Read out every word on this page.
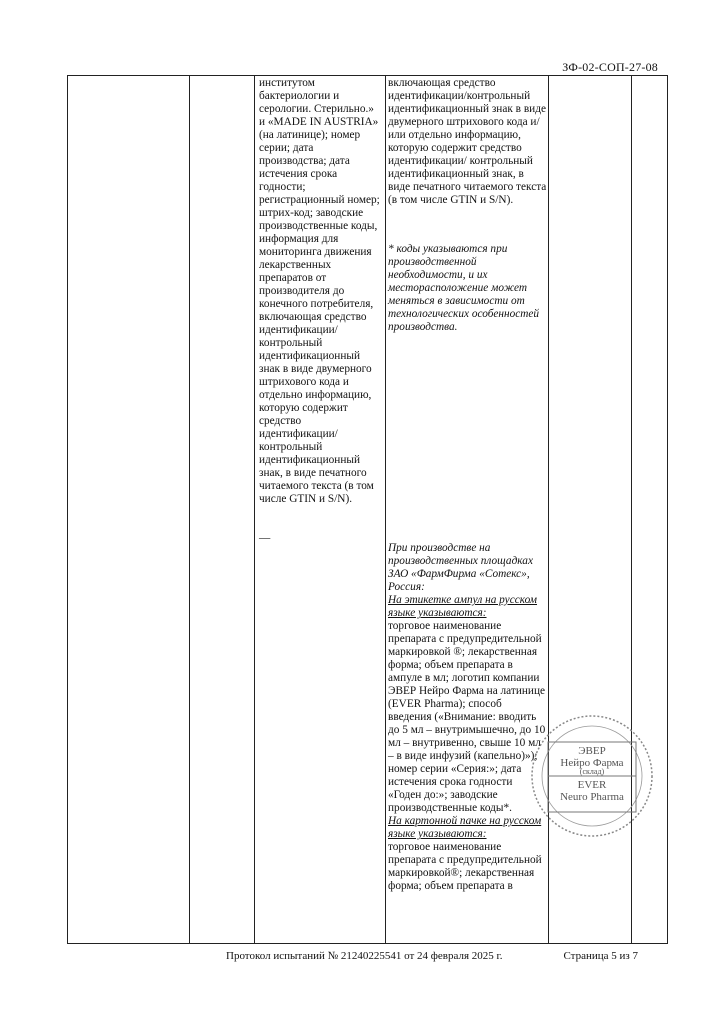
ЗФ-02-СОП-27-08
институтом бактериологии и серологии. Стерильно.» и «MADE IN AUSTRIA» (на латинице); номер серии; дата производства; дата истечения срока годности; регистрационный номер; штрих-код; заводские производственные коды, информация для мониторинга движения лекарственных препаратов от производителя до конечного потребителя, включающая средство идентификации/ контрольный идентификационный знак в виде двумерного штрихового кода и отдельно информацию, которую содержит средство идентификации/ контрольный идентификационный знак, в виде печатного читаемого текста (в том числе GTIN и S/N).
—
включающая средство идентификации/контрольный идентификационный знак в виде двумерного штрихового кода и/или отдельно информацию, которую содержит средство идентификации/ контрольный идентификационный знак, в виде печатного читаемого текста (в том числе GTIN и S/N).
* коды указываются при производственной необходимости, и их месторасположение может меняться в зависимости от технологических особенностей производства.
При производстве на производственных площадках ЗАО «ФармФирма «Сотекс», Россия:
На этикетке ампул на русском языке указываются:
торговое наименование препарата с предупредительной маркировкой ®; лекарственная форма; объем препарата в ампуле в мл; логотип компании ЭВЕР Нейро Фарма на латинице (EVER Pharma); способ введения («Внимание: вводить до 5 мл – внутримышечно, до 10 мл – внутривенно, свыше 10 мл – в виде инфузий (капельно)»); номер серии «Серия:»; дата истечения срока годности «Годен до:»; заводские производственные коды*.
На картонной пачке на русском языке указываются:
торговое наименование препарата с предупредительной маркировкой®; лекарственная форма; объем препарата в
ЭВЕР
Нейро Фарма
(склад)
EVER
Neuro Pharma
Протокол испытаний № 21240225541 от 24 февраля 2025 г.	Страница 5 из 7
